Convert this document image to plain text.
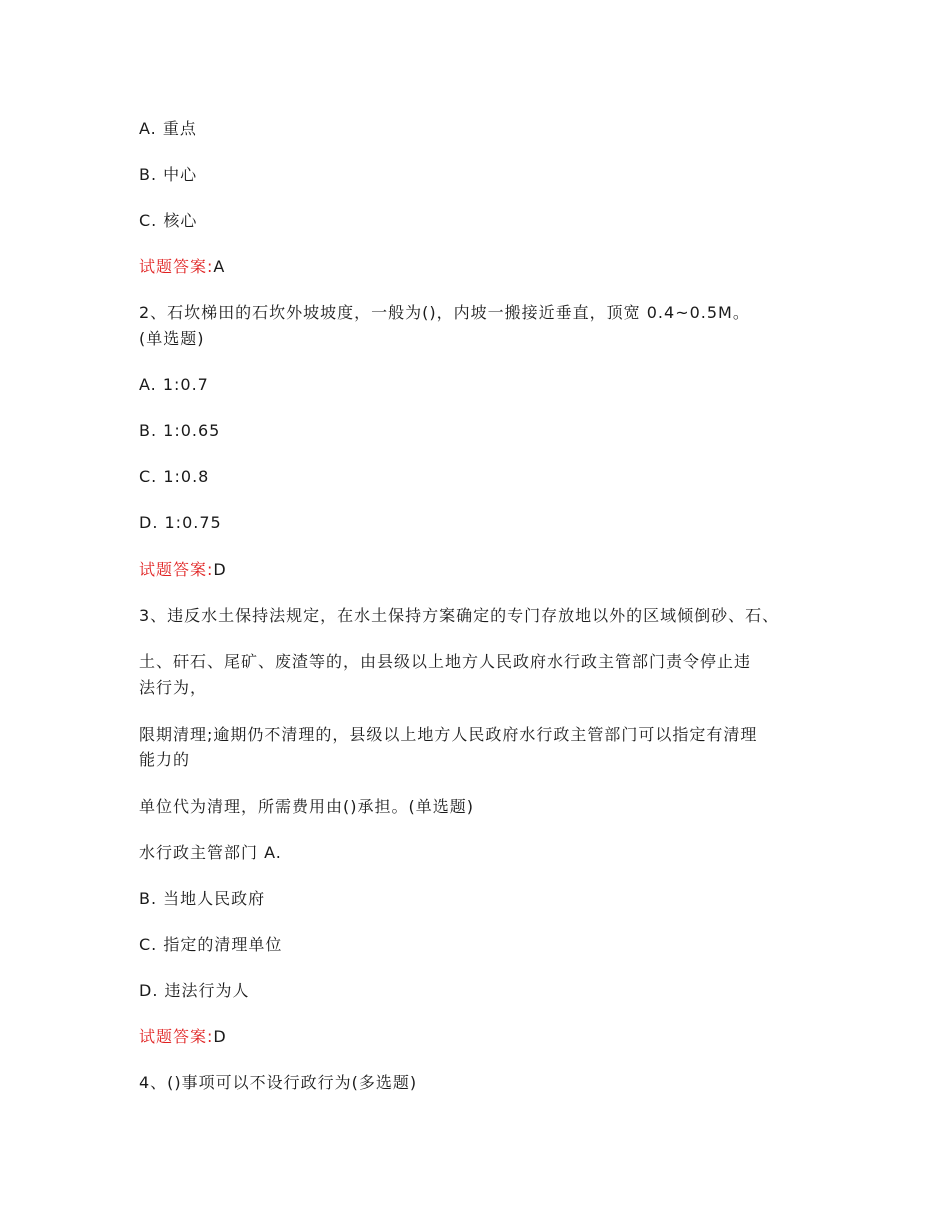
A. 重点
B. 中心
C. 核心
试题答案:A
2、石坎梯田的石坎外坡坡度，一般为()，内坡一搬接近垂直，顶宽 0.4~0.5M。
(单选题)
A. 1:0.7
B. 1:0.65
C. 1:0.8
D. 1:0.75
试题答案:D
3、违反水土保持法规定，在水土保持方案确定的专门存放地以外的区域倾倒砂、石、
土、矸石、尾矿、废渣等的，由县级以上地方人民政府水行政主管部门责令停止违
法行为，
限期清理;逾期仍不清理的，县级以上地方人民政府水行政主管部门可以指定有清理
能力的
单位代为清理，所需费用由()承担。(单选题)
水行政主管部门 A.
B. 当地人民政府
C. 指定的清理单位
D. 违法行为人
试题答案:D
4、()事项可以不设行政行为(多选题)
